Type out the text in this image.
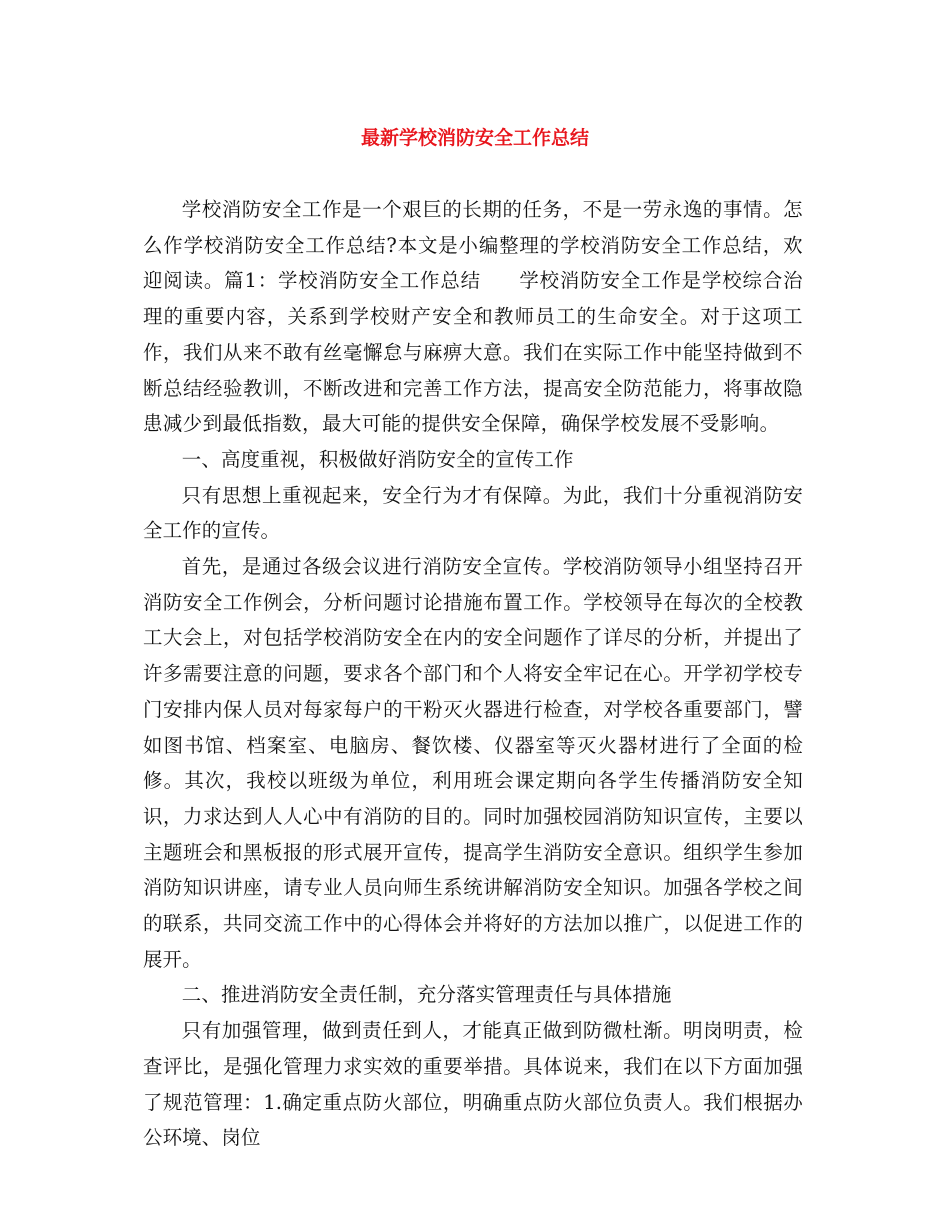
最新学校消防安全工作总结

学校消防安全工作是一个艰巨的长期的任务，不是一劳永逸的事情。怎么作学校消防安全工作总结?本文是小编整理的学校消防安全工作总结，欢迎阅读。篇1：学校消防安全工作总结 学校消防安全工作是学校综合治理的重要内容，关系到学校财产安全和教师员工的生命安全。对于这项工作，我们从来不敢有丝毫懈怠与麻痹大意。我们在实际工作中能坚持做到不断总结经验教训，不断改进和完善工作方法，提高安全防范能力，将事故隐患减少到最低指数，最大可能的提供安全保障，确保学校发展不受影响。

一、高度重视，积极做好消防安全的宣传工作

只有思想上重视起来，安全行为才有保障。为此，我们十分重视消防安全工作的宣传。

首先，是通过各级会议进行消防安全宣传。学校消防领导小组坚持召开消防安全工作例会，分析问题讨论措施布置工作。学校领导在每次的全校教工大会上，对包括学校消防安全在内的安全问题作了详尽的分析，并提出了许多需要注意的问题，要求各个部门和个人将安全牢记在心。开学初学校专门安排内保人员对每家每户的干粉灭火器进行检查，对学校各重要部门，譬如图书馆、档案室、电脑房、餐饮楼、仪器室等灭火器材进行了全面的检修。其次，我校以班级为单位，利用班会课定期向各学生传播消防安全知识，力求达到人人心中有消防的目的。同时加强校园消防知识宣传，主要以主题班会和黑板报的形式展开宣传，提高学生消防安全意识。组织学生参加消防知识讲座，请专业人员向师生系统讲解消防安全知识。加强各学校之间的联系，共同交流工作中的心得体会并将好的方法加以推广，以促进工作的展开。

二、推进消防安全责任制，充分落实管理责任与具体措施

只有加强管理，做到责任到人，才能真正做到防微杜渐。明岗明责，检查评比，是强化管理力求实效的重要举措。具体说来，我们在以下方面加强了规范管理：1.确定重点防火部位，明确重点防火部位负责人。我们根据办公环境、岗位
